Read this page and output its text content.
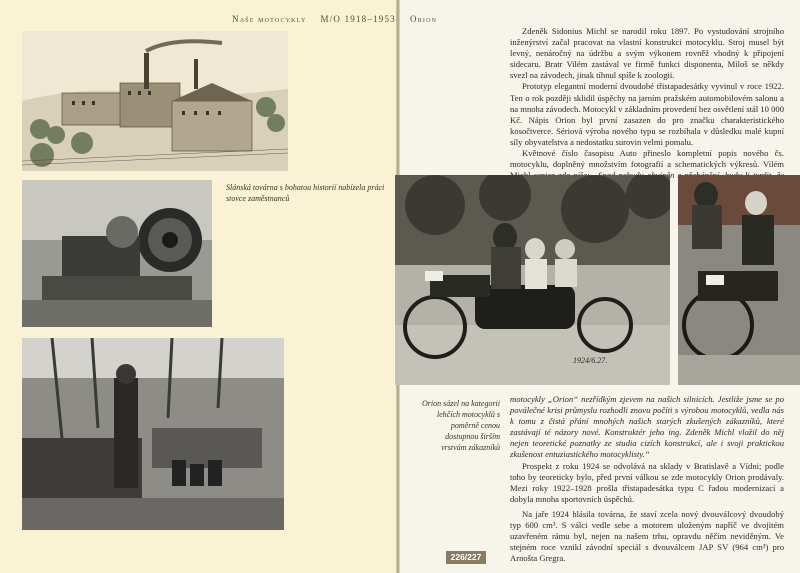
Naše motocykly M/O 1918–1953 Orion
Slánská továrna s bohatou historií nabízela práci stovce zaměstnanců

Zdeněk Sidonius Michl se narodil roku 1897. Po vystudování strojního inženýrství začal pracovat na vlastní konstrukci motocyklu. Stroj musel být levný, nenáročný na údržbu a svým výkonem rovněž vhodný k připojení sidecaru. Bratr Vilém zastával ve firmě funkci disponenta, Miloš se někdy svezl na závodech, jinak tíhnul spíše k zoologii.

Prototyp elegantní moderní dvoudobé třistapadesátky vyvinul v roce 1922. Ten o rok později sklidil úspěchy na jarním pražském automobilovém salonu a na mnoha závodech. Motocykl v základním provedení bez osvětlení stál 10 000 Kč. Nápis Orion byl první zasazen do pro značku charakteristického kosočtverce. Sériová výroba nového typu se rozbíhala v důsledku malé kupní síly obyvatelstva a nedostatku surovin velmi pomalu.

Květnové číslo časopisu Auto přineslo kompletní popis nového čs. motocyklu, doplněný množstvím fotografií a schematických výkresů. Vilém

1924/6.27.
Orion sázel na kategorii lehčích motocyklů s poměrně cenou dostupnou širším vrstvám zákazníků

motocykly „Orion“ nezřídkým zjevem na našich silnicích. Jestliže jsme se po poválečné krisi průmyslu rozhodli znovu počíti s výrobou motocyklů, vedla nás k tomu z čistá přání mnohých našich starých zkušených zákazníků, které zastávají té názory nové. Konstruktér jeho ing. Zdeněk Michl vložil do něj nejen teoretické poznatky ze studia cizích konstrukcí, ale i svoji praktickou zkušenost entuziastického motocyklisty.“

Prospekt z roku 1924 se odvolává na sklady v Bratislavě a Vídni; podle toho by teoreticky bylo, před první válkou se zde motocykly Orion prodávaly. Mezi roky 1922–1928 prošla třistapadesátka typu C řadou modernizací a dobyla mnoha sportovních úspěchů.

Na jaře 1924 hlásila továrna, že staví zcela nový dvouválcový dvoudobý typ 600 cm³. S válci vedle sebe a motorem uloženým napříč ve dvojitém uzavřeném rámu byl, nejen na našem trhu, opravdu něčím neviděným. Ve stejném roce vznikl závodní speciál s dvouválcem JAP SV (964 cm³) pro Arnošta Gregra.

226/227
